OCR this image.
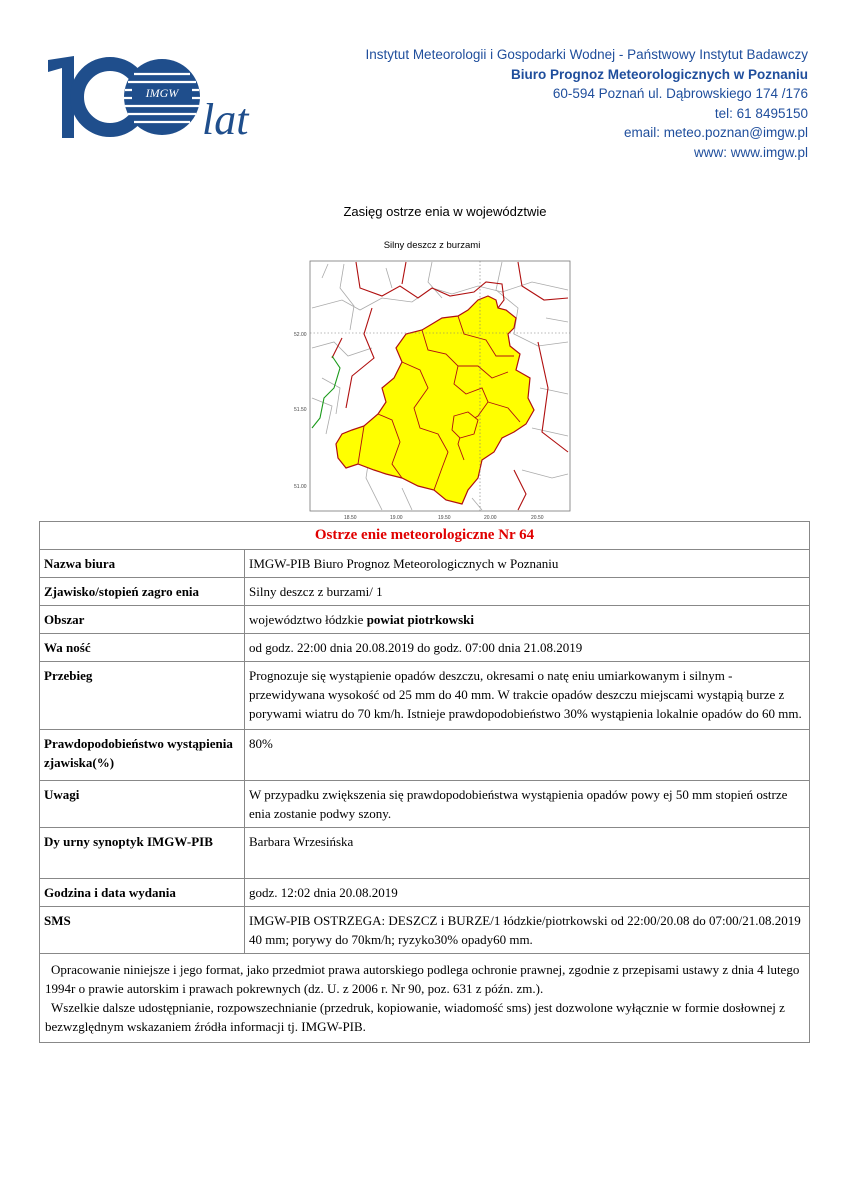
IMGW
lat
Instytut Meteorologii i Gospodarki Wodnej - Państwowy Instytut Badawczy
Biuro Prognoz Meteorologicznych w Poznaniu
60-594 Poznań ul. Dąbrowskiego 174 /176
tel: 61 8495150
email: meteo.poznan@imgw.pl
www: www.imgw.pl
Zasięg ostrze enia w województwie
52.00
51.50
51.00
18.50	19.00	19.50	20.00	20.50
Silny deszcz z burzami
Ostrze enie meteorologiczne Nr 64	
Nazwa biura	IMGW-PIB Biuro Prognoz Meteorologicznych w Poznaniu
Zjawisko/stopień zagro enia	Silny deszcz z burzami/ 1
Obszar	województwo łódzkie powiat piotrkowski
Wa ność	od godz. 22:00 dnia 20.08.2019 do godz. 07:00 dnia 21.08.2019
Przebieg	Prognozuje się wystąpienie opadów deszczu, okresami o natę eniu umiarkowanym i silnym - przewidywana wysokość od 25 mm do 40 mm. W trakcie opadów deszczu miejscami wystąpią burze z porywami wiatru do 70 km/h. Istnieje prawdopodobieństwo 30% wystąpienia lokalnie opadów do 60 mm.
Prawdopodobieństwo wystąpienia zjawiska(%)	80%
Uwagi	W przypadku zwiększenia się prawdopodobieństwa wystąpienia opadów powy ej 50 mm stopień ostrze enia zostanie podwy szony.
Dy urny synoptyk IMGW-PIB	Barbara Wrzesińska
Godzina i data wydania	godz. 12:02 dnia 20.08.2019
SMS	IMGW-PIB OSTRZEGA: DESZCZ i BURZE/1 łódzkie/piotrkowski od 22:00/20.08 do 07:00/21.08.2019 40 mm; porywy do 70km/h; ryzyko30% opady60 mm.

Opracowanie niniejsze i jego format, jako przedmiot prawa autorskiego podlega ochronie prawnej, zgodnie z przepisami ustawy z dnia 4 lutego 1994r o prawie autorskim i prawach pokrewnych (dz. U. z 2006 r. Nr 90, poz. 631 z późn. zm.).

Wszelkie dalsze udostępnianie, rozpowszechnianie (przedruk, kopiowanie, wiadomość sms) jest dozwolone wyłącznie w formie dosłownej z bezwzględnym wskazaniem źródła informacji tj. IMGW-PIB.	
